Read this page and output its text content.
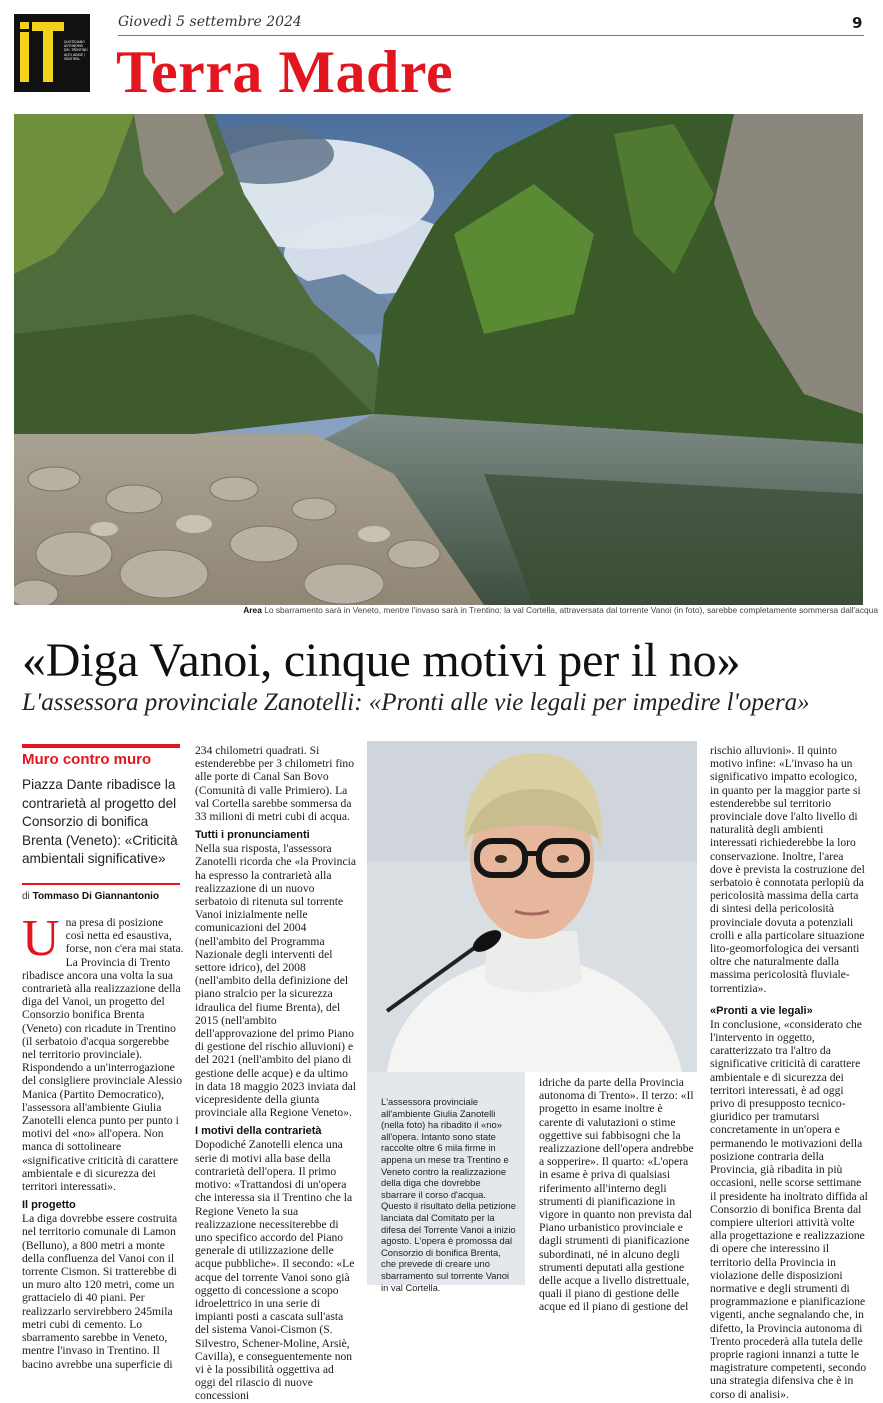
QUOTIDIANO AUTONOMO DEL TRENTINO ALTO ADIGE / SÜDTIROL
Giovedì 5 settembre 2024	9
Terra Madre
Area Lo sbarramento sarà in Veneto, mentre l'invaso sarà in Trentino: la val Cortella, attraversata dal torrente Vanoi (in foto), sarebbe completamente sommersa dall'acqua
«Diga Vanoi, cinque motivi per il no»
L'assessora provinciale Zanotelli: «Pronti alle vie legali per impedire l'opera»
Muro contro muro
Piazza Dante ribadisce la contrarietà al progetto del Consorzio di bonifica Brenta (Veneto): «Criticità ambientali significative»
di Tommaso Di Giannantonio
U na presa di posizione così netta ed esaustiva, forse, non c'era mai stata. La Provincia di Trento ribadisce ancora una volta la sua contrarietà alla realizzazione della diga del Vanoi, un progetto del Consorzio bonifica Brenta (Veneto) con ricadute in Trentino (il serbatoio d'acqua sorgerebbe nel territorio provinciale). Rispondendo a un'interrogazione del consigliere provinciale Alessio Manica (Partito Democratico), l'assessora all'ambiente Giulia Zanotelli elenca punto per punto i motivi del «no» all'opera. Non manca di sottolineare «significative criticità di carattere ambientale e di sicurezza dei territori interessati».

Il progetto

La diga dovrebbe essere costruita nel territorio comunale di Lamon (Belluno), a 800 metri a monte della confluenza del Vanoi con il torrente Cismon. Si tratterebbe di un muro alto 120 metri, come un grattacielo di 40 piani. Per realizzarlo servirebbero 245mila metri cubi di cemento. Lo sbarramento sarebbe in Veneto, mentre l'invaso in Trentino. Il bacino avrebbe una superficie di

234 chilometri quadrati. Si estenderebbe per 3 chilometri fino alle porte di Canal San Bovo (Comunità di valle Primiero). La val Cortella sarebbe sommersa da 33 milioni di metri cubi di acqua.

Tutti i pronunciamenti

Nella sua risposta, l'assessora Zanotelli ricorda che «la Provincia ha espresso la contrarietà alla realizzazione di un nuovo serbatoio di ritenuta sul torrente Vanoi inizialmente nelle comunicazioni del 2004 (nell'ambito del Programma Nazionale degli interventi del settore idrico), del 2008 (nell'ambito della definizione del piano stralcio per la sicurezza idraulica del fiume Brenta), del 2015 (nell'ambito dell'approvazione del primo Piano di gestione del rischio alluvioni) e del 2021 (nell'ambito del piano di gestione delle acque) e da ultimo in data 18 maggio 2023 inviata dal vicepresidente della giunta provinciale alla Regione Veneto».

I motivi della contrarietà

Dopodiché Zanotelli elenca una serie di motivi alla base della contrarietà dell'opera. Il primo motivo: «Trattandosi di un'opera che interessa sia il Trentino che la Regione Veneto la sua realizzazione necessiterebbe di uno specifico accordo del Piano generale di utilizzazione delle acque pubbliche». Il secondo: «Le acque del torrente Vanoi sono già oggetto di concessione a scopo idroelettrico in una serie di impianti posti a cascata sull'asta del sistema Vanoi-Cismon (S. Silvestro, Schener-Moline, Arsiè, Cavilla), e conseguentemente non vi è la possibilità oggettiva ad oggi del rilascio di nuove concessioni

L'assessora provinciale all'ambiente Giulia Zanotelli (nella foto) ha ribadito il «no» all'opera. Intanto sono state raccolte oltre 6 mila firme in appena un mese tra Trentino e Veneto contro la realizzazione della diga che dovrebbe sbarrare il corso d'acqua. Questo il risultato della petizione lanciata dal Comitato per la difesa del Torrente Vanoi a inizio agosto. L'opera è promossa dal Consorzio di bonifica Brenta, che prevede di creare uno sbarramento sul torrente Vanoi in val Cortella.

idriche da parte della Provincia autonoma di Trento». Il terzo: «Il progetto in esame inoltre è carente di valutazioni o stime oggettive sui fabbisogni che la realizzazione dell'opera andrebbe a sopperire». Il quarto: «L'opera in esame è priva di qualsiasi riferimento all'interno degli strumenti di pianificazione in vigore in quanto non prevista dal Piano urbanistico provinciale e dagli strumenti di pianificazione subordinati, né in alcuno degli strumenti deputati alla gestione delle acque a livello distrettuale, quali il piano di gestione delle acque ed il piano di gestione del

rischio alluvioni». Il quinto motivo infine: «L'invaso ha un significativo impatto ecologico, in quanto per la maggior parte si estenderebbe sul territorio provinciale dove l'alto livello di naturalità degli ambienti interessati richiederebbe la loro conservazione. Inoltre, l'area dove è prevista la costruzione del serbatoio è connotata perlopiù da pericolosità massima della carta di sintesi della pericolosità provinciale dovuta a potenziali crolli e alla particolare situazione lito-geomorfologica dei versanti oltre che naturalmente dalla massima pericolosità fluviale-torrentizia».

«Pronti a vie legali»

In conclusione, «considerato che l'intervento in oggetto, caratterizzato tra l'altro da significative criticità di carattere ambientale e di sicurezza dei territori interessati, è ad oggi privo di presupposto tecnico-giuridico per tramutarsi concretamente in un'opera e permanendo le motivazioni della posizione contraria della Provincia, già ribadita in più occasioni, nelle scorse settimane il presidente ha inoltrato diffida al Consorzio di bonifica Brenta dal compiere ulteriori attività volte alla progettazione e realizzazione di opere che interessino il territorio della Provincia in violazione delle disposizioni normative e degli strumenti di programmazione e pianificazione vigenti, anche segnalando che, in difetto, la Provincia autonoma di Trento procederà alla tutela delle proprie ragioni innanzi a tutte le magistrature competenti, secondo una strategia difensiva che è in corso di analisi».
